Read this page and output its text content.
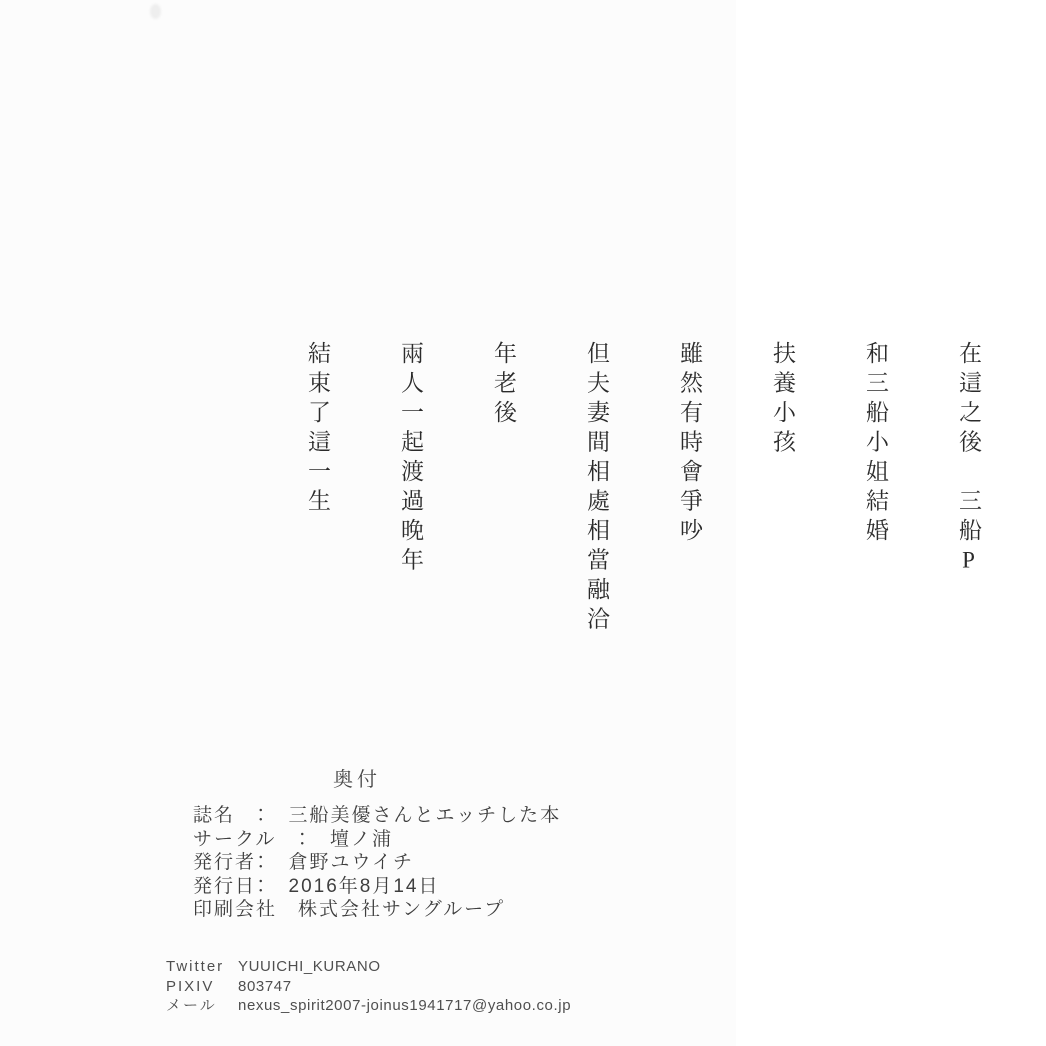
在這之後　三船P

和三船小姐結婚

扶養小孩

雖然有時會爭吵

但夫妻間相處相當融洽

年老後

兩人一起渡過晚年

結束了這一生

奥付
誌名　：　三船美優さんとエッチした本
サークル　：　壇ノ浦
発行者：　倉野ユウイチ
発行日：　2016年8月14日
印刷会社　 株式会社サングループ
Twitter YUUICHI_KURANO
PIXIV	803747
メール	nexus_spirit2007-joinus1941717@yahoo.co.jp
